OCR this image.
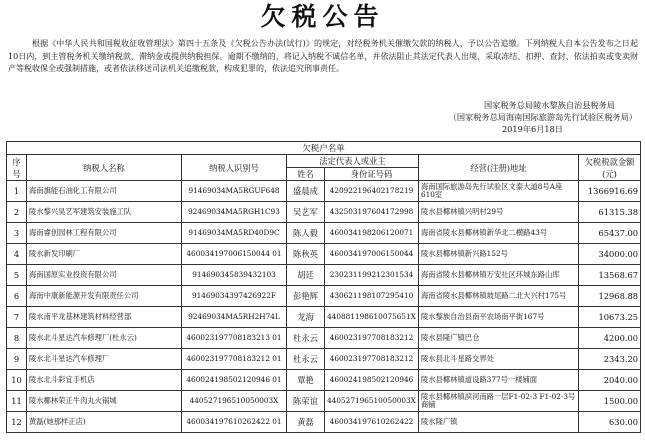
欠税公告
根据《中华人民共和国税收征收管理法》第四十五条及《欠税公告办法(试行)》的规定，对经税务机关催缴欠款的纳税人，予以公告追缴。下列纳税人自本公告发布之日起10日内，到主管税务机关缴纳税款，滞纳金或提供纳税担保。逾期不缴纳的，将记入纳税不诚信名单，并依法阻止其法定代表人出境，采取冻结、扣押、查封、依法拍卖或变卖财产等税收保全或强制措施，或者依法移送司法机关追缴税款，构成犯罪的，依法追究刑事责任。
国家税务总局陵水黎族自治县税务局
（国家税务总局海南国际旅游岛先行试验区税务局）
2019年6月18日
欠税户名单						
序号	纳税人名称	纳税人识别号	法定代表人或业主		经营(注册)地址	欠税税款金额(元)
			姓名	身份证号码		
1	海南旗能石油化工有限公司	91469034MA5RGUF648	盛晨成	420922196402178219	海南国际旅游岛先行试验区文泰大道8号A座610室	1366916.69
2	陵水黎兴昊艺军建筑安装施工队	92469034MA5RGH1C93	吴艺军	432503197604172998	陵水县椰林镇兴明村29号	61315.38
3	海南睿创园林工程有限公司	91469034MA5RD40D9C	陈人毅	460034198206120071	海南省陵水县椰林镇新华北二横路43号	65437.00
4	陵水新发印刷厂	460034197006150044 01	陈秋英	460034197006150044	陵水县椰林镇新兴路152号	34000.00
5	海南国原实业投资有限公司	914690345839432103	胡廷	230231199212301534	海南省陵水县椰林镇万安社区环城东路山库	13568.67
6	海南中康新能源开发有限责任公司	91469034397426922F	彭艳辉	430621198107295410	海南省陵水县椰林镇坡尾路二北大兴村175号	12968.88
7	陵水南平龙基林建筑材料经营部	92469034MA5RH2H74L	龙海	440881198610075651X	陵水黎族自治县南平农场南平街167号	10673.25
8	陵水北斗星达汽车修理厂(杜永云)	460023197708183213 01	杜永云	460023197708183212	陵水县隆广镇巴仓	4200.00
9	陵水北斗星达汽车修理厂	460023197708183212 01	杜永云	460023197708183212	陵水县北斗星路交界处	2343.20
10	陵水北斗彩宜手机店	460024198502120946 01	覃艳	460024198502120946	陵水县椰林镇道设路377号一楼铺面	2040.00
11	陵水椰林荣正牛肉丸火锅城	440527196510050003X	陈荣谊	440527196510050003X	陵水县椰林镇滨河南路一层F1-02-3 F1-02-3号商铺	1500.00
12	黄磊(她那样正店)	460034197610262422 01	黄磊	460034197610262422	陵水隆广镇	630.00
